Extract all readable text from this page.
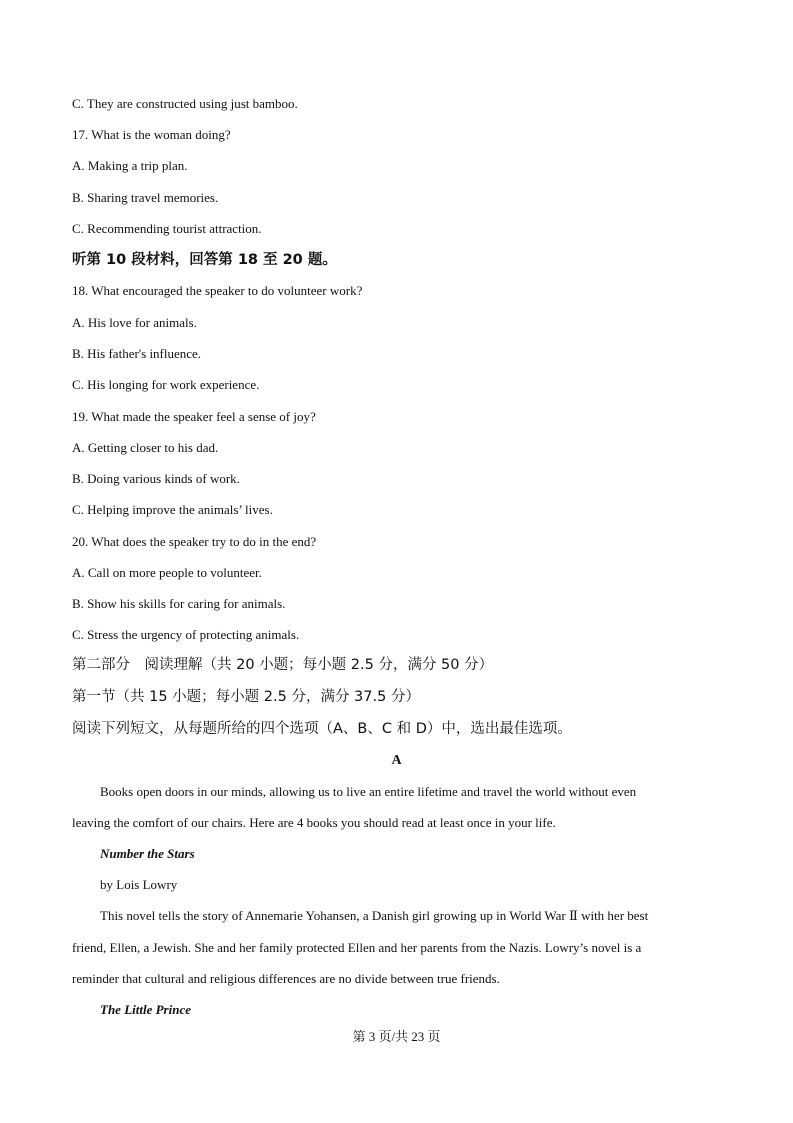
C. They are constructed using just bamboo.
17. What is the woman doing?
A. Making a trip plan.
B. Sharing travel memories.
C. Recommending tourist attraction.
听第 10 段材料，回答第 18 至 20 题。
18. What encouraged the speaker to do volunteer work?
A. His love for animals.
B. His father's influence.
C. His longing for work experience.
19. What made the speaker feel a sense of joy?
A. Getting closer to his dad.
B. Doing various kinds of work.
C. Helping improve the animals’ lives.
20. What does the speaker try to do in the end?
A. Call on more people to volunteer.
B. Show his skills for caring for animals.
C. Stress the urgency of protecting animals.
第二部分　阅读理解（共 20 小题；每小题 2.5 分，满分 50 分）
第一节（共 15 小题；每小题 2.5 分，满分 37.5 分）
阅读下列短文，从每题所给的四个选项（A、B、C 和 D）中，选出最佳选项。
A
Books open doors in our minds, allowing us to live an entire lifetime and travel the world without even
leaving the comfort of our chairs. Here are 4 books you should read at least once in your life.
Number the Stars
by Lois Lowry
This novel tells the story of Annemarie Yohansen, a Danish girl growing up in World War Ⅱ with her best
friend, Ellen, a Jewish. She and her family protected Ellen and her parents from the Nazis. Lowry’s novel is a
reminder that cultural and religious differences are no divide between true friends.
The Little Prince
第 3 页/共 23 页
